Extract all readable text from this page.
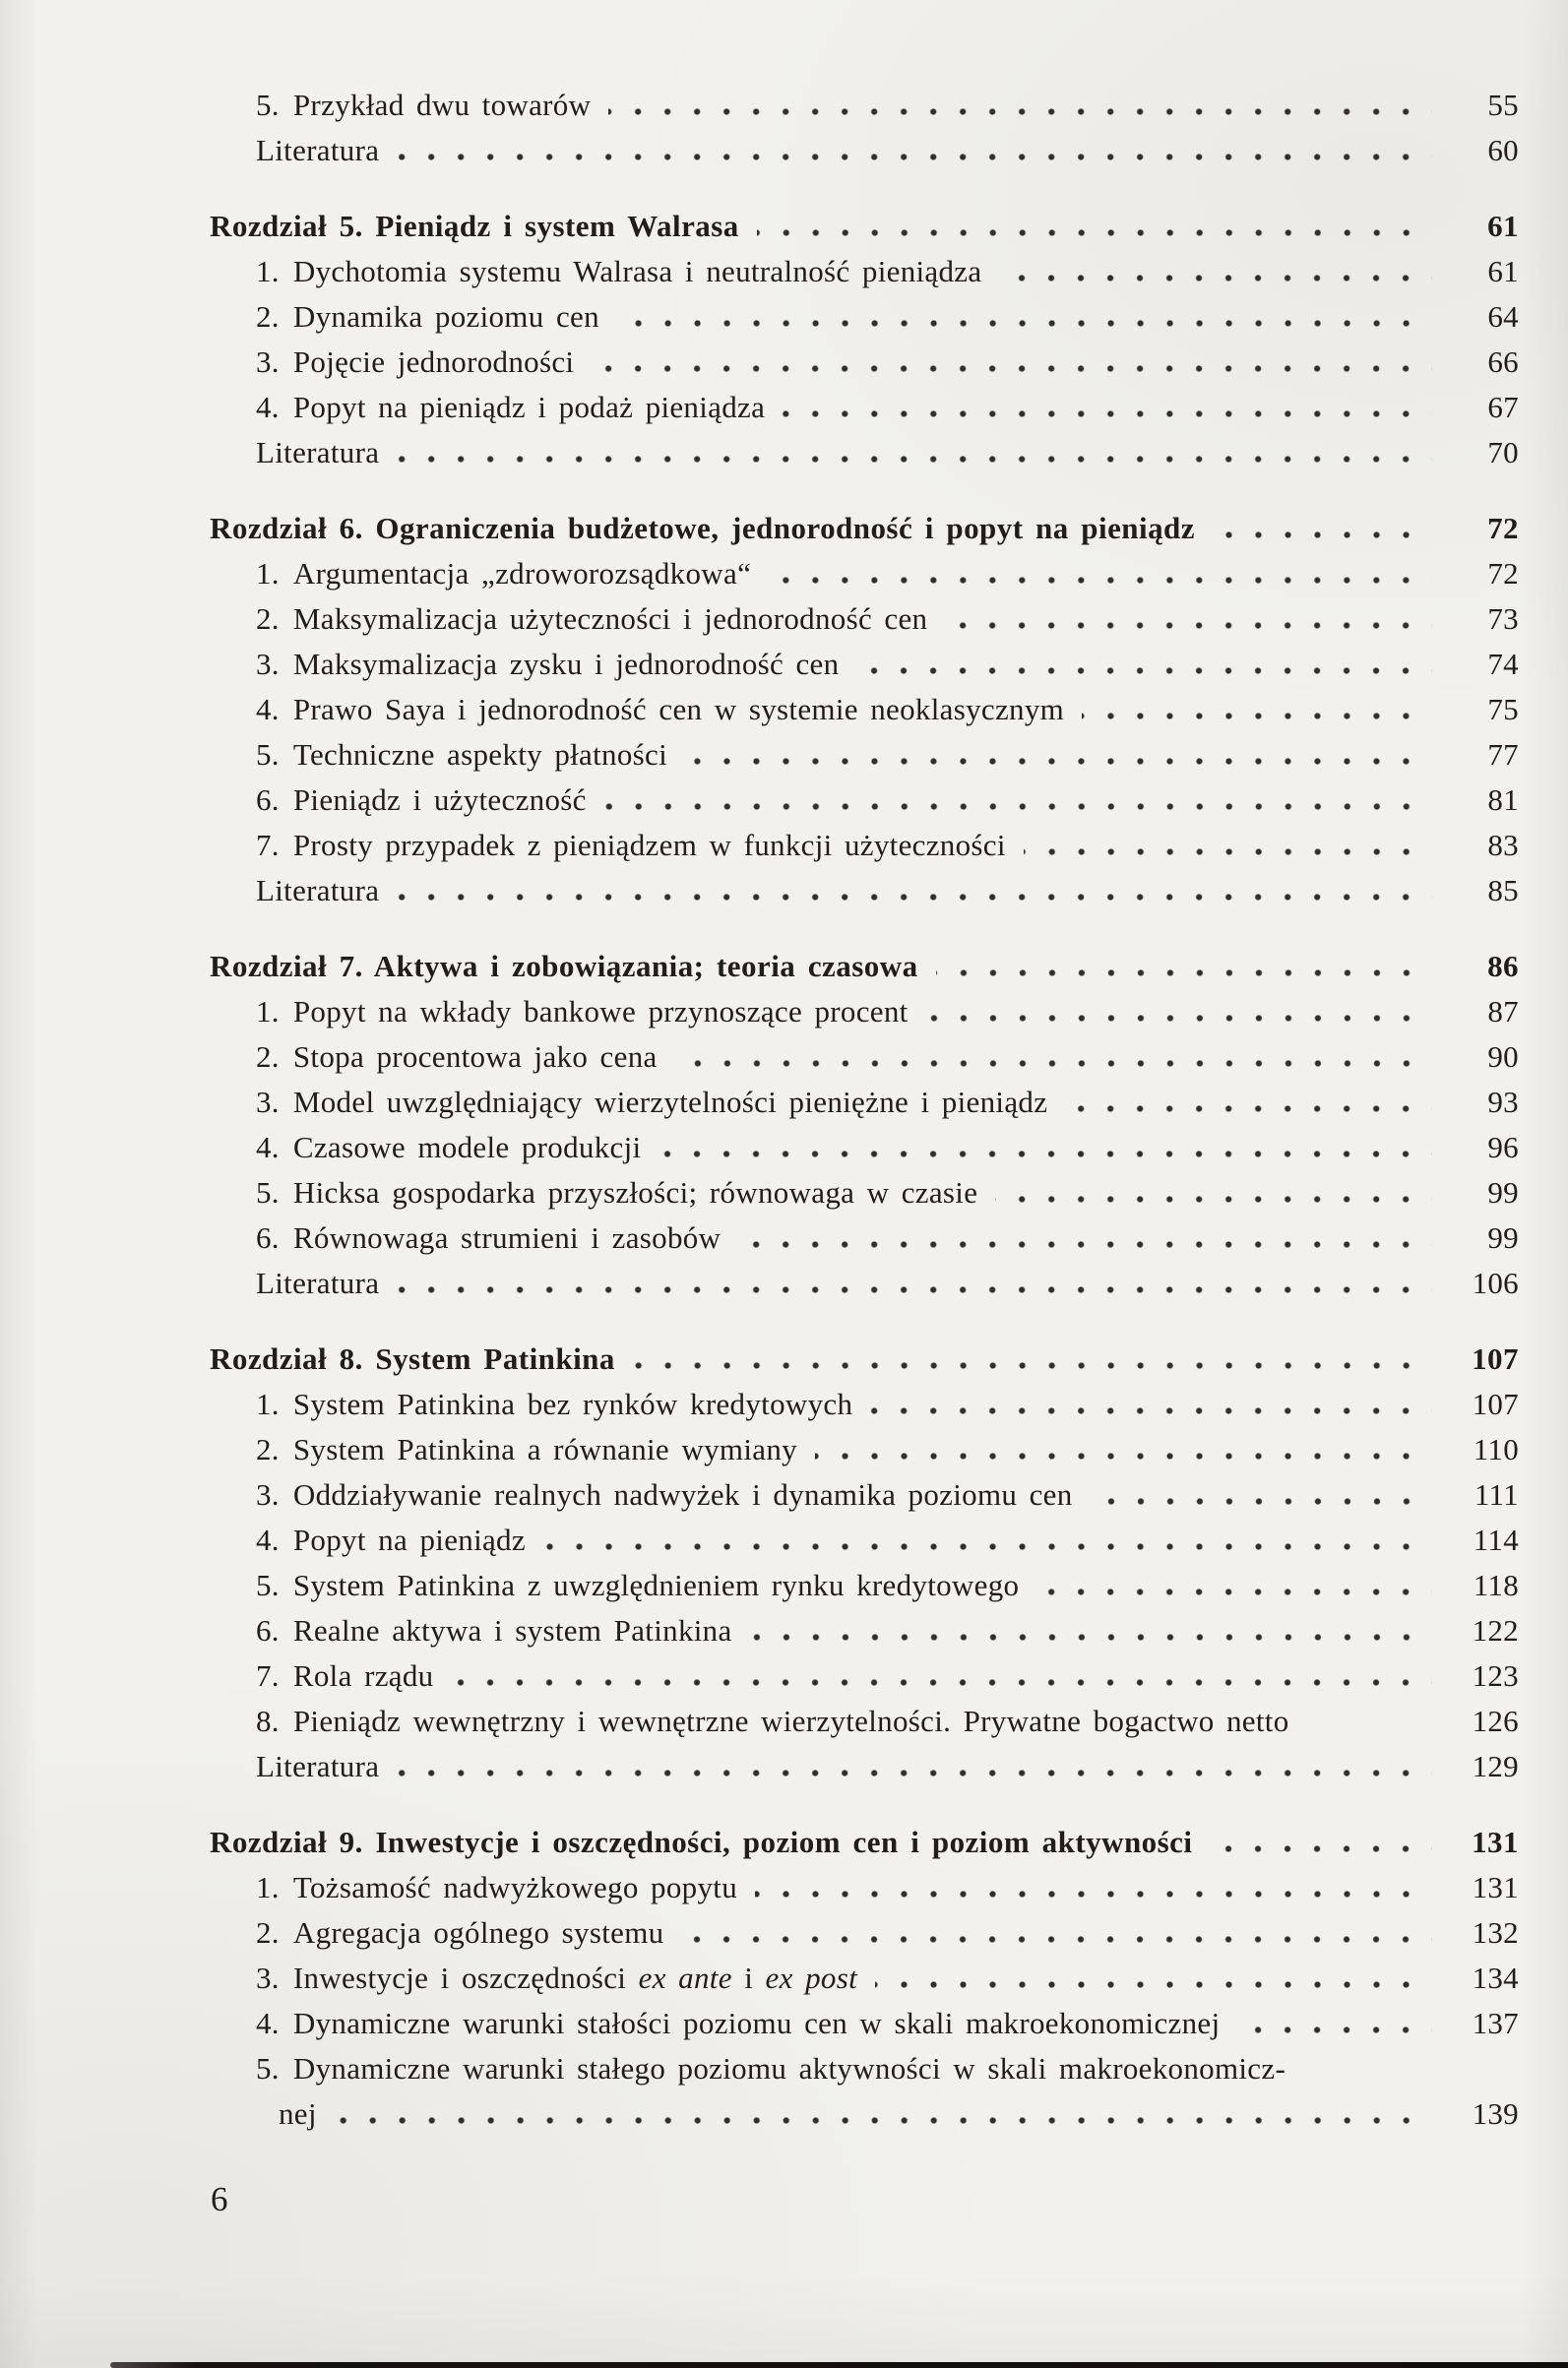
5. Przykład dwu towarów	55
Literatura	60
Rozdział 5. Pieniądz i system Walrasa	61
1. Dychotomia systemu Walrasa i neutralność pieniądza	61
2. Dynamika poziomu cen	64
3. Pojęcie jednorodności	66
4. Popyt na pieniądz i podaż pieniądza	67
Literatura	70
Rozdział 6. Ograniczenia budżetowe, jednorodność i popyt na pieniądz	72
1. Argumentacja „zdroworozsądkowa“	72
2. Maksymalizacja użyteczności i jednorodność cen	73
3. Maksymalizacja zysku i jednorodność cen	74
4. Prawo Saya i jednorodność cen w systemie neoklasycznym	75
5. Techniczne aspekty płatności	77
6. Pieniądz i użyteczność	81
7. Prosty przypadek z pieniądzem w funkcji użyteczności	83
Literatura	85
Rozdział 7. Aktywa i zobowiązania; teoria czasowa	86
1. Popyt na wkłady bankowe przynoszące procent	87
2. Stopa procentowa jako cena	90
3. Model uwzględniający wierzytelności pieniężne i pieniądz	93
4. Czasowe modele produkcji	96
5. Hicksa gospodarka przyszłości; równowaga w czasie	99
6. Równowaga strumieni i zasobów	99
Literatura	106
Rozdział 8. System Patinkina	107
1. System Patinkina bez rynków kredytowych	107
2. System Patinkina a równanie wymiany	110
3. Oddziaływanie realnych nadwyżek i dynamika poziomu cen	111
4. Popyt na pieniądz	114
5. System Patinkina z uwzględnieniem rynku kredytowego	118
6. Realne aktywa i system Patinkina	122
7. Rola rządu	123
8. Pieniądz wewnętrzny i wewnętrzne wierzytelności. Prywatne bogactwo netto	126
Literatura	129
Rozdział 9. Inwestycje i oszczędności, poziom cen i poziom aktywności	131
1. Tożsamość nadwyżkowego popytu	131
2. Agregacja ogólnego systemu	132
3. Inwestycje i oszczędności ex ante i ex post	134
4. Dynamiczne warunki stałości poziomu cen w skali makroekonomicznej	137
5. Dynamiczne warunki stałego poziomu aktywności w skali makroekonomicz-
nej	139
6
